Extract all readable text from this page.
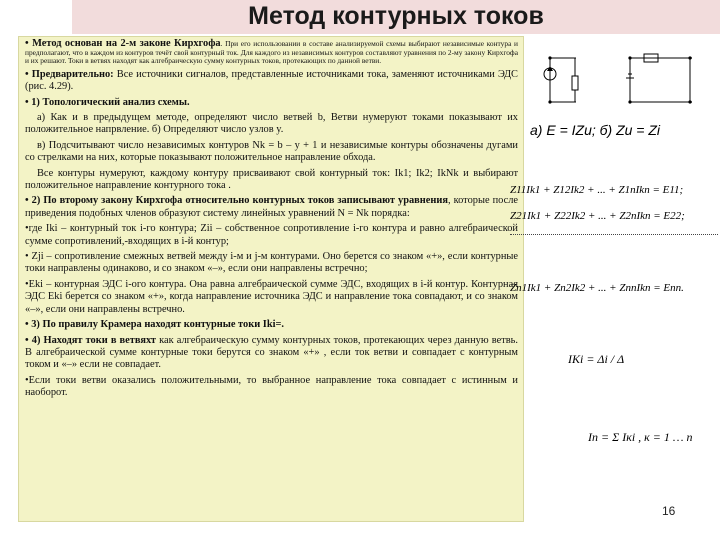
Метод контурных токов

• Метод основан на 2-м законе Кирхгофа. При его использовании в составе анализируемой схемы выбирают независимые контура и предполагают, что в каждом из контуров течёт свой контурный ток. Для каждого из независимых контуров составляют уравнения по 2-му закону Кирхгофа и их решают. Токи в ветвях находят как алгебраическую сумму контурных токов, протекающих по данной ветви.

• Предварительно: Все источники сигналов, представленные источниками тока, заменяют источниками ЭДС (рис. 4.29).

• 1) Топологический анализ схемы.

а) Как и в предыдущем методе, определяют число ветвей b, Ветви нумеруют токами показывают их положительное напрвление. б) Определяют число узлов y.

в) Подсчитывают число независимых контуров Nk = b – y + 1 и независимые контуры обозначены дугами со стрелками на них, которые показывают положительное направление обхода.

Все контуры нумеруют, каждому контуру присваивают свой контурный ток: Ik1; Ik2; IkNk и выбирают положительное направление контурного тока .

• 2) По второму закону Кирхгофа относительно контурных токов записывают уравнения, которые после приведения подобных членов образуют систему линейных уравнений N = Nk порядка:

•где Iki – контурный ток i-го контура; Zii – собственное сопротивление i-го контура и равно алгебраической сумме сопротивлений,-входящих в i-й контур;

• Zji – сопротивление смежных ветвей между i-м и j-м контурами. Оно берется со знаком «+», если контурные токи направлены одинаково, и со знаком «–», если они направлены встречно;

•Eki – контурная ЭДС i-ого контура. Она равна алгебраической сумме ЭДС, входящих в i-й контур. Контурная ЭДС Eki берется со знаком «+», когда направление источника ЭДС и направление тока совпадают, и со знаком «–», если они направлены встречно.

• 3) По правилу Крамера находят контурные токи Iki=.

• 4) Находят токи в ветвяхт как алгебраическую сумму контурных токов, протекающих через данную ветвь. В алгебраической сумме контурные токи берутся со знаком «+» , если ток ветви и совпадает с контурным током и «–» если не совпадает.

•Если токи ветви оказались положительными, то выбранное направление тока совпадает с истинным и наоборот.

а) E = IZu; б) Zu = Zi
Z11Ik1 + Z12Ik2 + ... + Z1nIkn = E11;
Z21Ik1 + Z22Ik2 + ... + Z2nIkn = E22;
Zn1Ik1 + Zn2Ik2 + ... + ZnnIkn = Enn.
IKi = Δi / Δ
In = Σ Iкi , к = 1 … n
16
